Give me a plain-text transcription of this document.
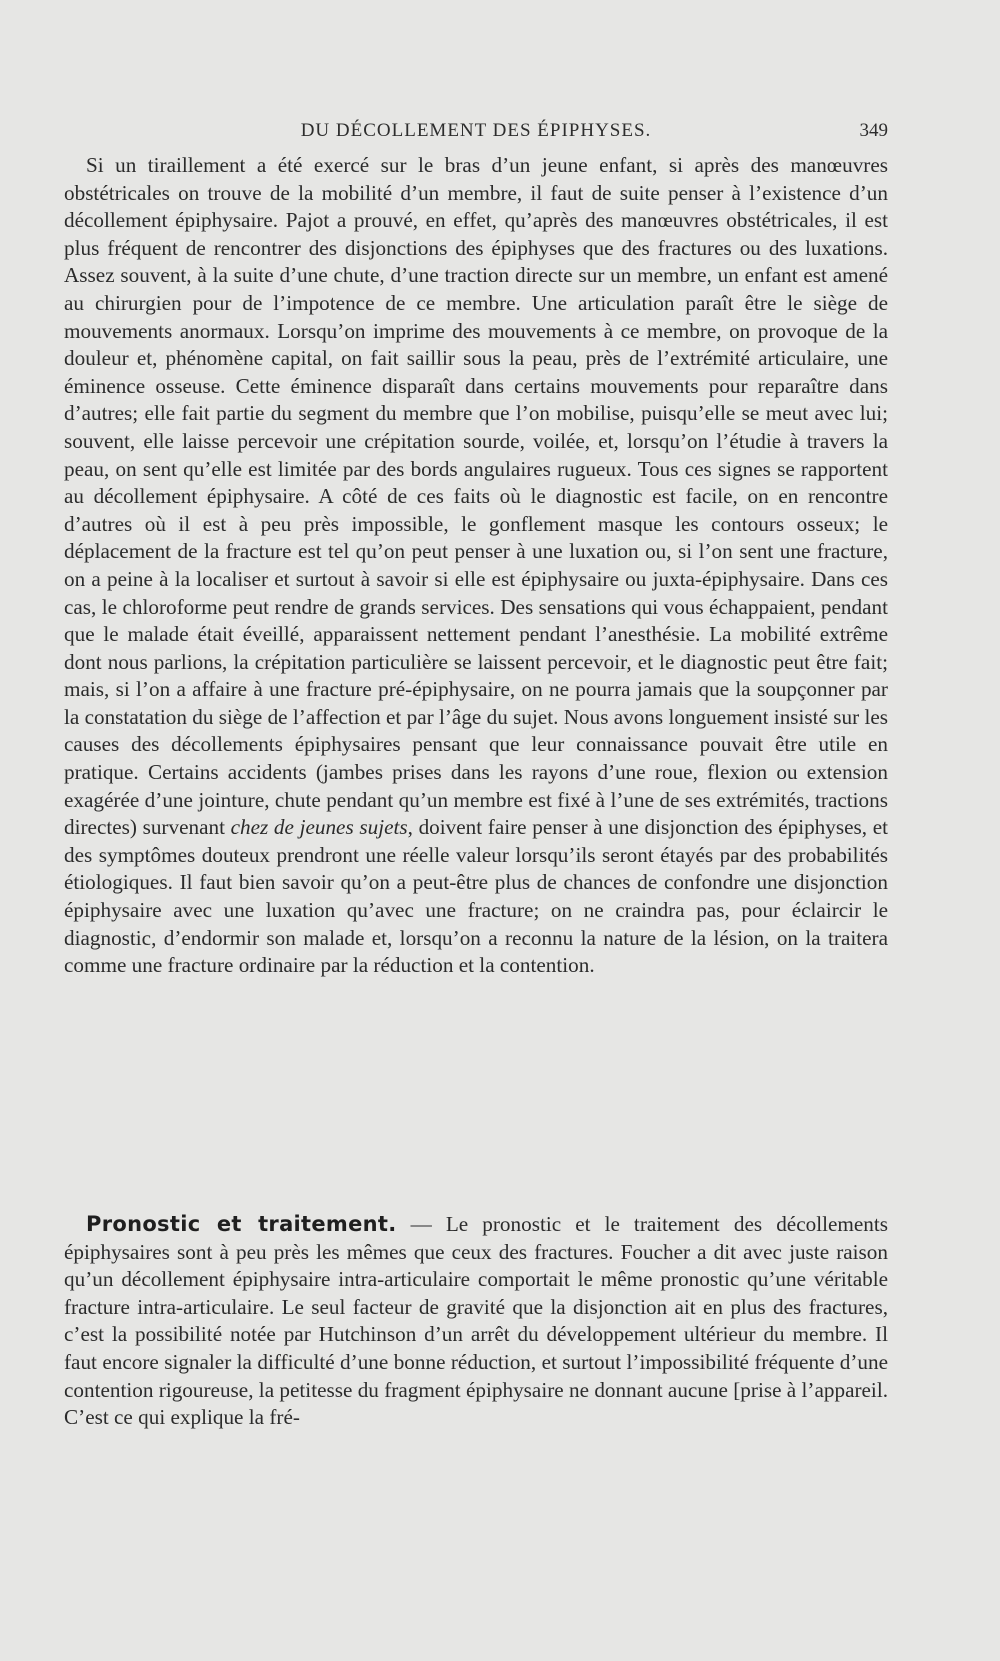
DU DÉCOLLEMENT DES ÉPIPHYSES.	349

Si un tiraillement a été exercé sur le bras d’un jeune enfant, si après des manœuvres obstétricales on trouve de la mobilité d’un membre, il faut de suite penser à l’existence d’un décollement épiphysaire. Pajot a prouvé, en effet, qu’après des manœuvres obstétricales, il est plus fréquent de rencontrer des disjonctions des épiphyses que des fractures ou des luxations. Assez souvent, à la suite d’une chute, d’une traction directe sur un membre, un enfant est amené au chirurgien pour de l’impotence de ce membre. Une articulation paraît être le siège de mouvements anormaux. Lorsqu’on imprime des mouvements à ce membre, on provoque de la douleur et, phénomène capital, on fait saillir sous la peau, près de l’extrémité articulaire, une éminence osseuse. Cette éminence disparaît dans certains mouvements pour reparaître dans d’autres; elle fait partie du segment du membre que l’on mobilise, puisqu’elle se meut avec lui; souvent, elle laisse percevoir une crépitation sourde, voilée, et, lorsqu’on l’étudie à travers la peau, on sent qu’elle est limitée par des bords angulaires rugueux. Tous ces signes se rapportent au décollement épiphysaire. A côté de ces faits où le diagnostic est facile, on en rencontre d’autres où il est à peu près impossible, le gonflement masque les contours osseux; le déplacement de la fracture est tel qu’on peut penser à une luxation ou, si l’on sent une fracture, on a peine à la localiser et surtout à savoir si elle est épiphysaire ou juxta-épiphysaire. Dans ces cas, le chloroforme peut rendre de grands services. Des sensations qui vous échappaient, pendant que le malade était éveillé, apparaissent nettement pendant l’anesthésie. La mobilité extrême dont nous parlions, la crépitation particulière se laissent percevoir, et le diagnostic peut être fait; mais, si l’on a affaire à une fracture pré-épiphysaire, on ne pourra jamais que la soupçonner par la constatation du siège de l’affection et par l’âge du sujet. Nous avons longuement insisté sur les causes des décollements épiphysaires pensant que leur connaissance pouvait être utile en pratique. Certains accidents (jambes prises dans les rayons d’une roue, flexion ou extension exagérée d’une jointure, chute pendant qu’un membre est fixé à l’une de ses extrémités, tractions directes) survenant chez de jeunes sujets, doivent faire penser à une disjonction des épiphyses, et des symptômes douteux prendront une réelle valeur lorsqu’ils seront étayés par des probabilités étiologiques. Il faut bien savoir qu’on a peut-être plus de chances de confondre une disjonction épiphysaire avec une luxation qu’avec une fracture; on ne craindra pas, pour éclaircir le diagnostic, d’endormir son malade et, lorsqu’on a reconnu la nature de la lésion, on la traitera comme une fracture ordinaire par la réduction et la contention.

Pronostic et traitement. — Le pronostic et le traitement des décollements épiphysaires sont à peu près les mêmes que ceux des fractures. Foucher a dit avec juste raison qu’un décollement épiphysaire intra-articulaire comportait le même pronostic qu’une véritable fracture intra-articulaire. Le seul facteur de gravité que la disjonction ait en plus des fractures, c’est la possibilité notée par Hutchinson d’un arrêt du développement ultérieur du membre. Il faut encore signaler la difficulté d’une bonne réduction, et surtout l’impossibilité fréquente d’une contention rigoureuse, la petitesse du fragment épiphysaire ne donnant aucune [prise à l’appareil. C’est ce qui explique la fré-
